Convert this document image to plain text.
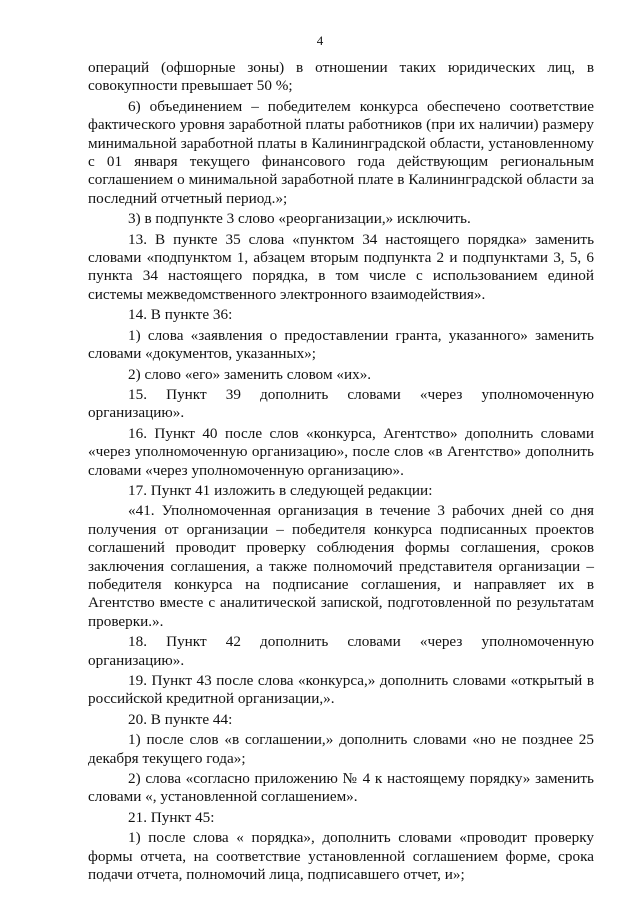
4

операций (офшорные зоны) в отношении таких юридических лиц, в совокупности превышает 50 %;

6) объединением – победителем конкурса обеспечено соответствие фактического уровня заработной платы работников (при их наличии) размеру минимальной заработной платы в Калининградской области, установленному с 01 января текущего финансового года действующим региональным соглашением о минимальной заработной плате в Калининградской области за последний отчетный период.»;

3) в подпункте 3 слово «реорганизации,» исключить.

13. В пункте 35 слова «пунктом 34 настоящего порядка» заменить словами «подпунктом 1, абзацем вторым подпункта 2 и подпунктами 3, 5, 6 пункта 34 настоящего порядка, в том числе с использованием единой системы межведомственного электронного взаимодействия».

14. В пункте 36:

1) слова «заявления о предоставлении гранта, указанного» заменить словами «документов, указанных»;

2) слово «его» заменить словом «их».

15. Пункт 39 дополнить словами «через уполномоченную организацию».

16. Пункт 40 после слов «конкурса, Агентство» дополнить словами «через уполномоченную организацию», после слов «в Агентство» дополнить словами «через уполномоченную организацию».

17. Пункт 41 изложить в следующей редакции:

«41. Уполномоченная организация в течение 3 рабочих дней со дня получения от организации – победителя конкурса подписанных проектов соглашений проводит проверку соблюдения формы соглашения, сроков заключения соглашения, а также полномочий представителя организации – победителя конкурса на подписание соглашения, и направляет их в Агентство вместе с аналитической запиской, подготовленной по результатам проверки.».

18. Пункт 42 дополнить словами «через уполномоченную организацию».

19. Пункт 43 после слова «конкурса,» дополнить словами «открытый в российской кредитной организации,».

20. В пункте 44:

1) после слов «в соглашении,» дополнить словами «но не позднее 25 декабря текущего года»;

2) слова «согласно приложению № 4 к настоящему порядку» заменить словами «, установленной соглашением».

21. Пункт 45:

1) после слова « порядка», дополнить словами «проводит проверку формы отчета, на соответствие установленной соглашением форме, срока подачи отчета, полномочий лица, подписавшего отчет, и»;
